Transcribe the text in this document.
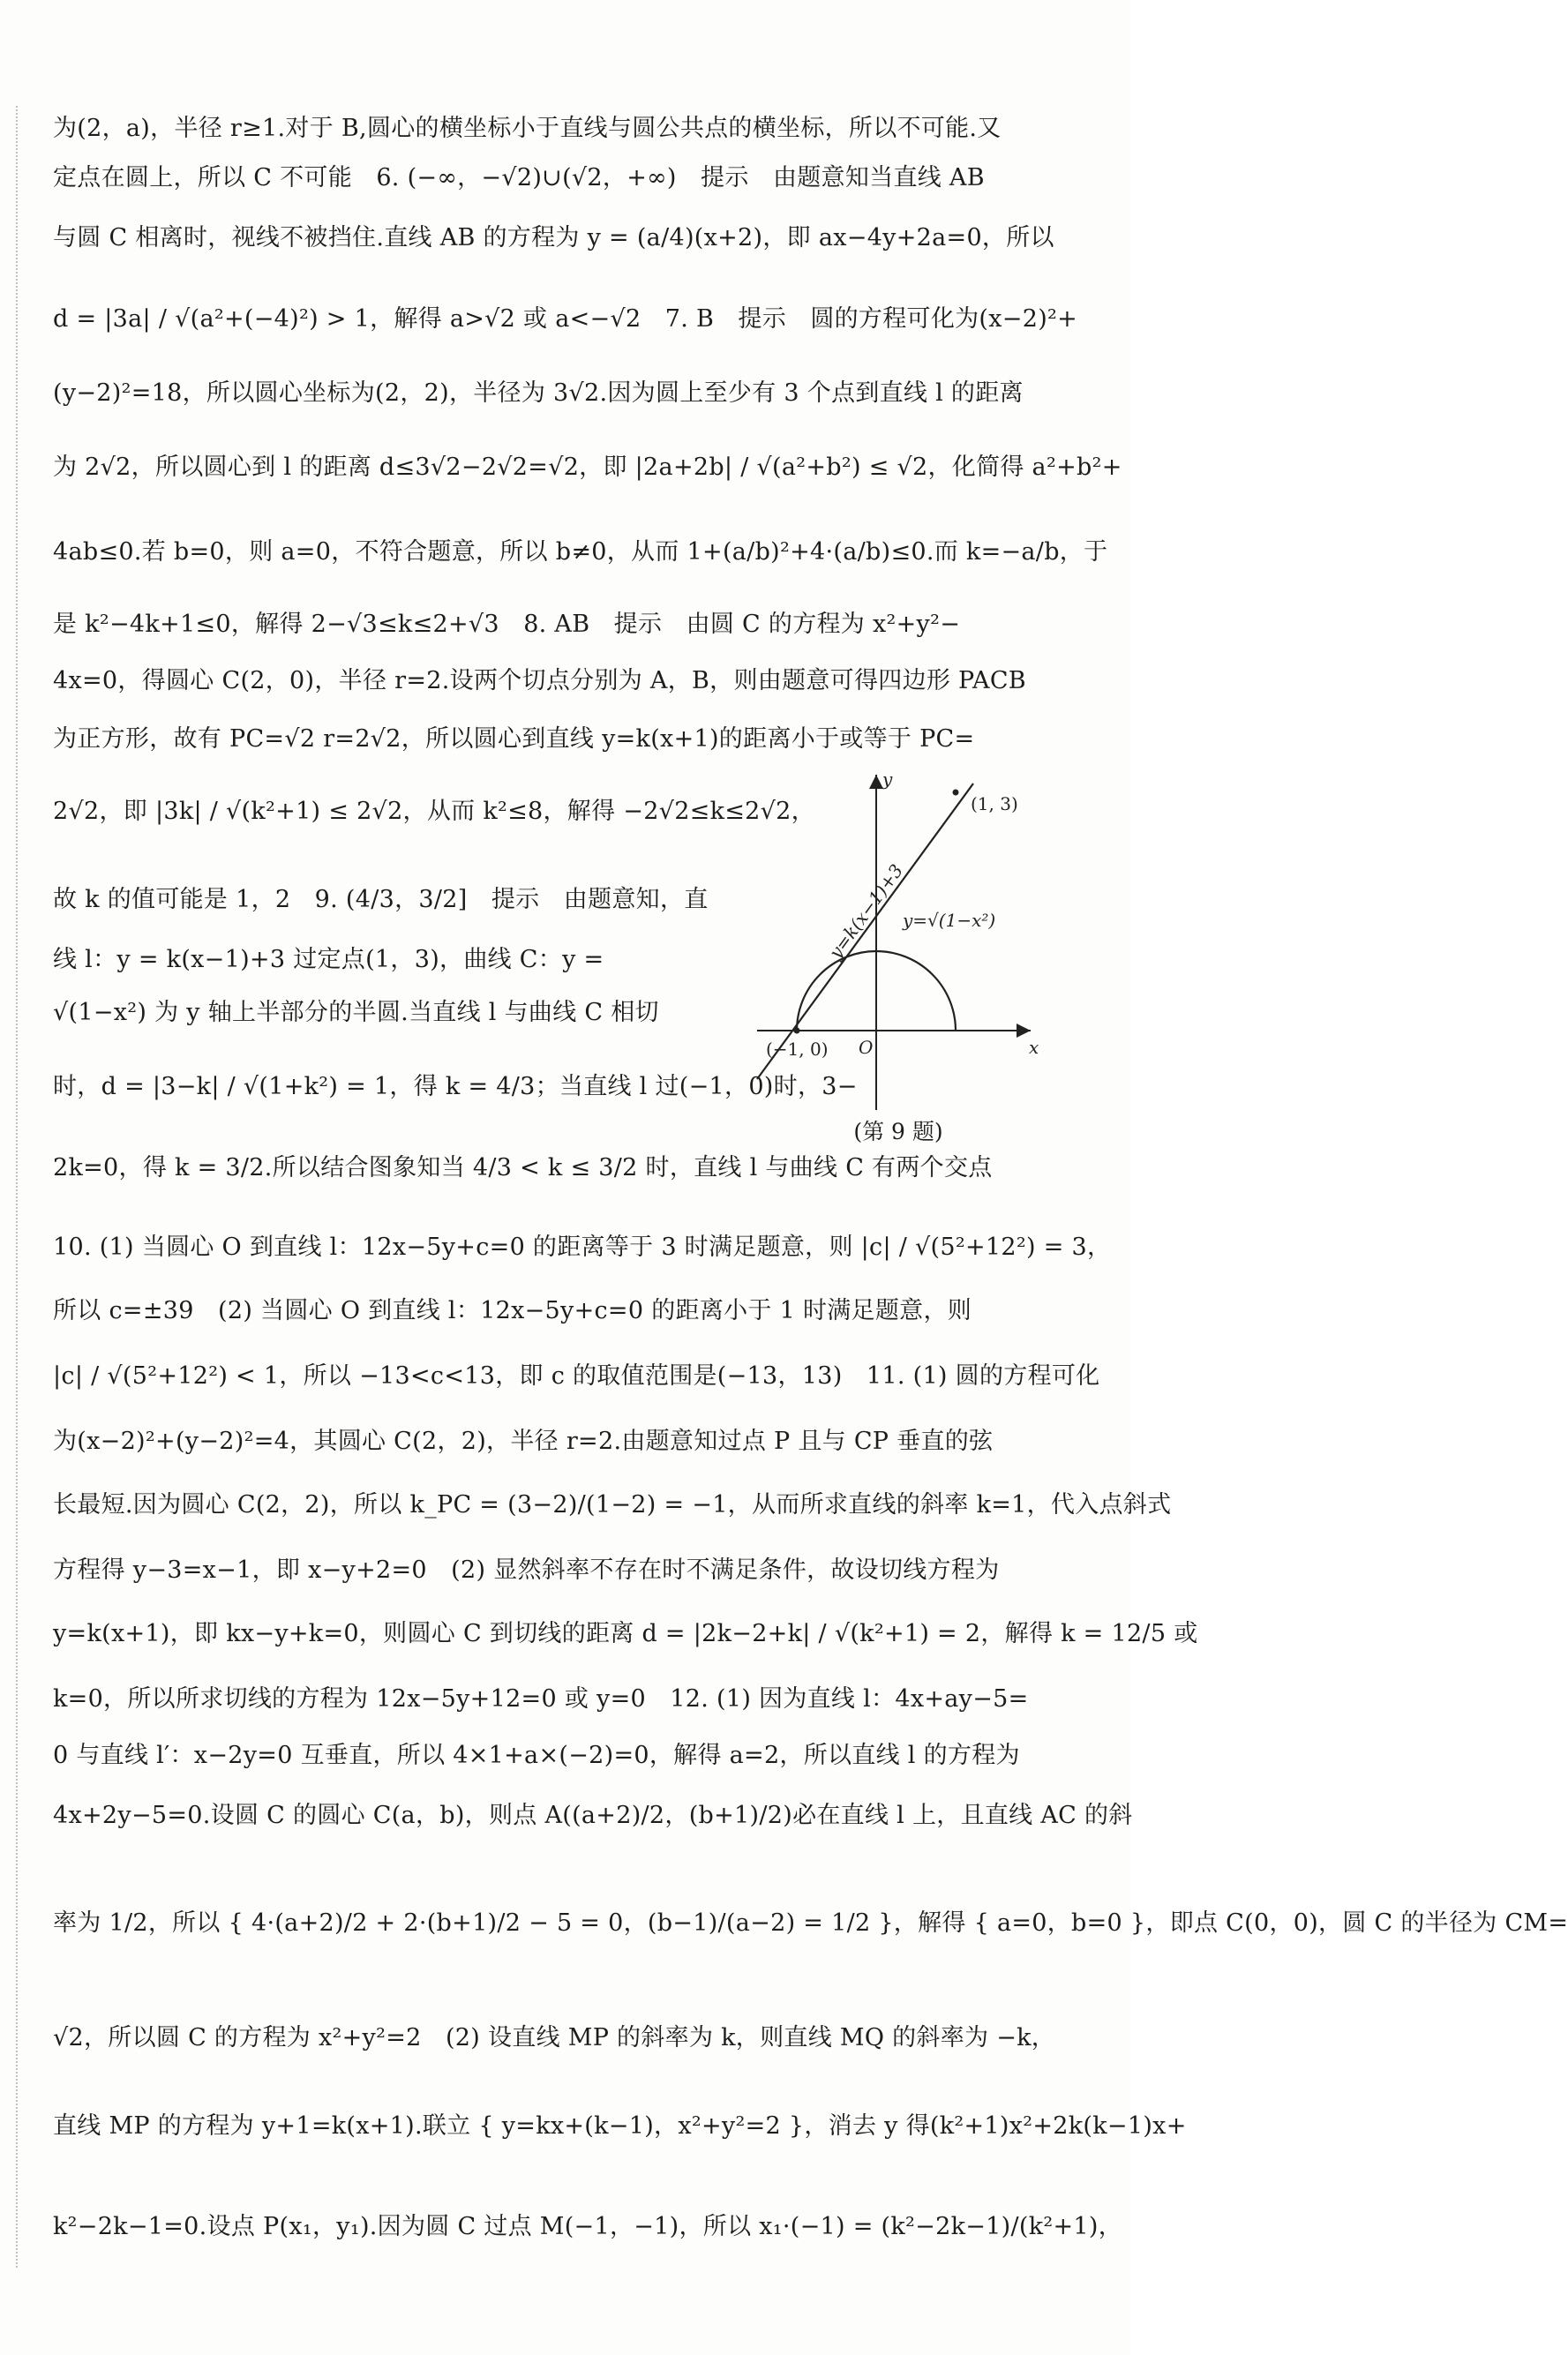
为(2，a)，半径 r≥1.对于 B,圆心的横坐标小于直线与圆公共点的横坐标，所以不可能.又
定点在圆上，所以 C 不可能　6. (−∞，−√2)∪(√2，+∞)　提示　由题意知当直线 AB
与圆 C 相离时，视线不被挡住.直线 AB 的方程为 y = (a/4)(x+2)，即 ax−4y+2a=0，所以
d = |3a| / √(a²+(−4)²) > 1，解得 a>√2 或 a<−√2　7. B　提示　圆的方程可化为(x−2)²+
(y−2)²=18，所以圆心坐标为(2，2)，半径为 3√2.因为圆上至少有 3 个点到直线 l 的距离
为 2√2，所以圆心到 l 的距离 d≤3√2−2√2=√2，即 |2a+2b| / √(a²+b²) ≤ √2，化简得 a²+b²+
4ab≤0.若 b=0，则 a=0，不符合题意，所以 b≠0，从而 1+(a/b)²+4·(a/b)≤0.而 k=−a/b，于
是 k²−4k+1≤0，解得 2−√3≤k≤2+√3　8. AB　提示　由圆 C 的方程为 x²+y²−
4x=0，得圆心 C(2，0)，半径 r=2.设两个切点分别为 A，B，则由题意可得四边形 PACB
为正方形，故有 PC=√2 r=2√2，所以圆心到直线 y=k(x+1)的距离小于或等于 PC=
2√2，即 |3k| / √(k²+1) ≤ 2√2，从而 k²≤8，解得 −2√2≤k≤2√2，
故 k 的值可能是 1，2　9. (4/3，3/2]　提示　由题意知，直
线 l：y = k(x−1)+3 过定点(1，3)，曲线 C：y =
√(1−x²) 为 y 轴上半部分的半圆.当直线 l 与曲线 C 相切
时，d = |3−k| / √(1+k²) = 1，得 k = 4/3；当直线 l 过(−1，0)时，3−
2k=0，得 k = 3/2.所以结合图象知当 4/3 < k ≤ 3/2 时，直线 l 与曲线 C 有两个交点
10. (1) 当圆心 O 到直线 l：12x−5y+c=0 的距离等于 3 时满足题意，则 |c| / √(5²+12²) = 3，
所以 c=±39　(2) 当圆心 O 到直线 l：12x−5y+c=0 的距离小于 1 时满足题意，则
|c| / √(5²+12²) < 1，所以 −13<c<13，即 c 的取值范围是(−13，13)　11. (1) 圆的方程可化
为(x−2)²+(y−2)²=4，其圆心 C(2，2)，半径 r=2.由题意知过点 P 且与 CP 垂直的弦
长最短.因为圆心 C(2，2)，所以 k_PC = (3−2)/(1−2) = −1，从而所求直线的斜率 k=1，代入点斜式
方程得 y−3=x−1，即 x−y+2=0　(2) 显然斜率不存在时不满足条件，故设切线方程为
y=k(x+1)，即 kx−y+k=0，则圆心 C 到切线的距离 d = |2k−2+k| / √(k²+1) = 2，解得 k = 12/5 或
k=0，所以所求切线的方程为 12x−5y+12=0 或 y=0　12. (1) 因为直线 l：4x+ay−5=
0 与直线 l′：x−2y=0 互垂直，所以 4×1+a×(−2)=0，解得 a=2，所以直线 l 的方程为
4x+2y−5=0.设圆 C 的圆心 C(a，b)，则点 A((a+2)/2，(b+1)/2)必在直线 l 上，且直线 AC 的斜
率为 1/2，所以 { 4·(a+2)/2 + 2·(b+1)/2 − 5 = 0，(b−1)/(a−2) = 1/2 }，解得 { a=0，b=0 }，即点 C(0，0)，圆 C 的半径为 CM=
√2，所以圆 C 的方程为 x²+y²=2　(2) 设直线 MP 的斜率为 k，则直线 MQ 的斜率为 −k，
直线 MP 的方程为 y+1=k(x+1).联立 { y=kx+(k−1)，x²+y²=2 }，消去 y 得(k²+1)x²+2k(k−1)x+
k²−2k−1=0.设点 P(x₁，y₁).因为圆 C 过点 M(−1，−1)，所以 x₁·(−1) = (k²−2k−1)/(k²+1)，
y
x
O
(1, 3)
(−1, 0)
y=√(1−x²)
y=k(x−1)+3
(第 9 题)
